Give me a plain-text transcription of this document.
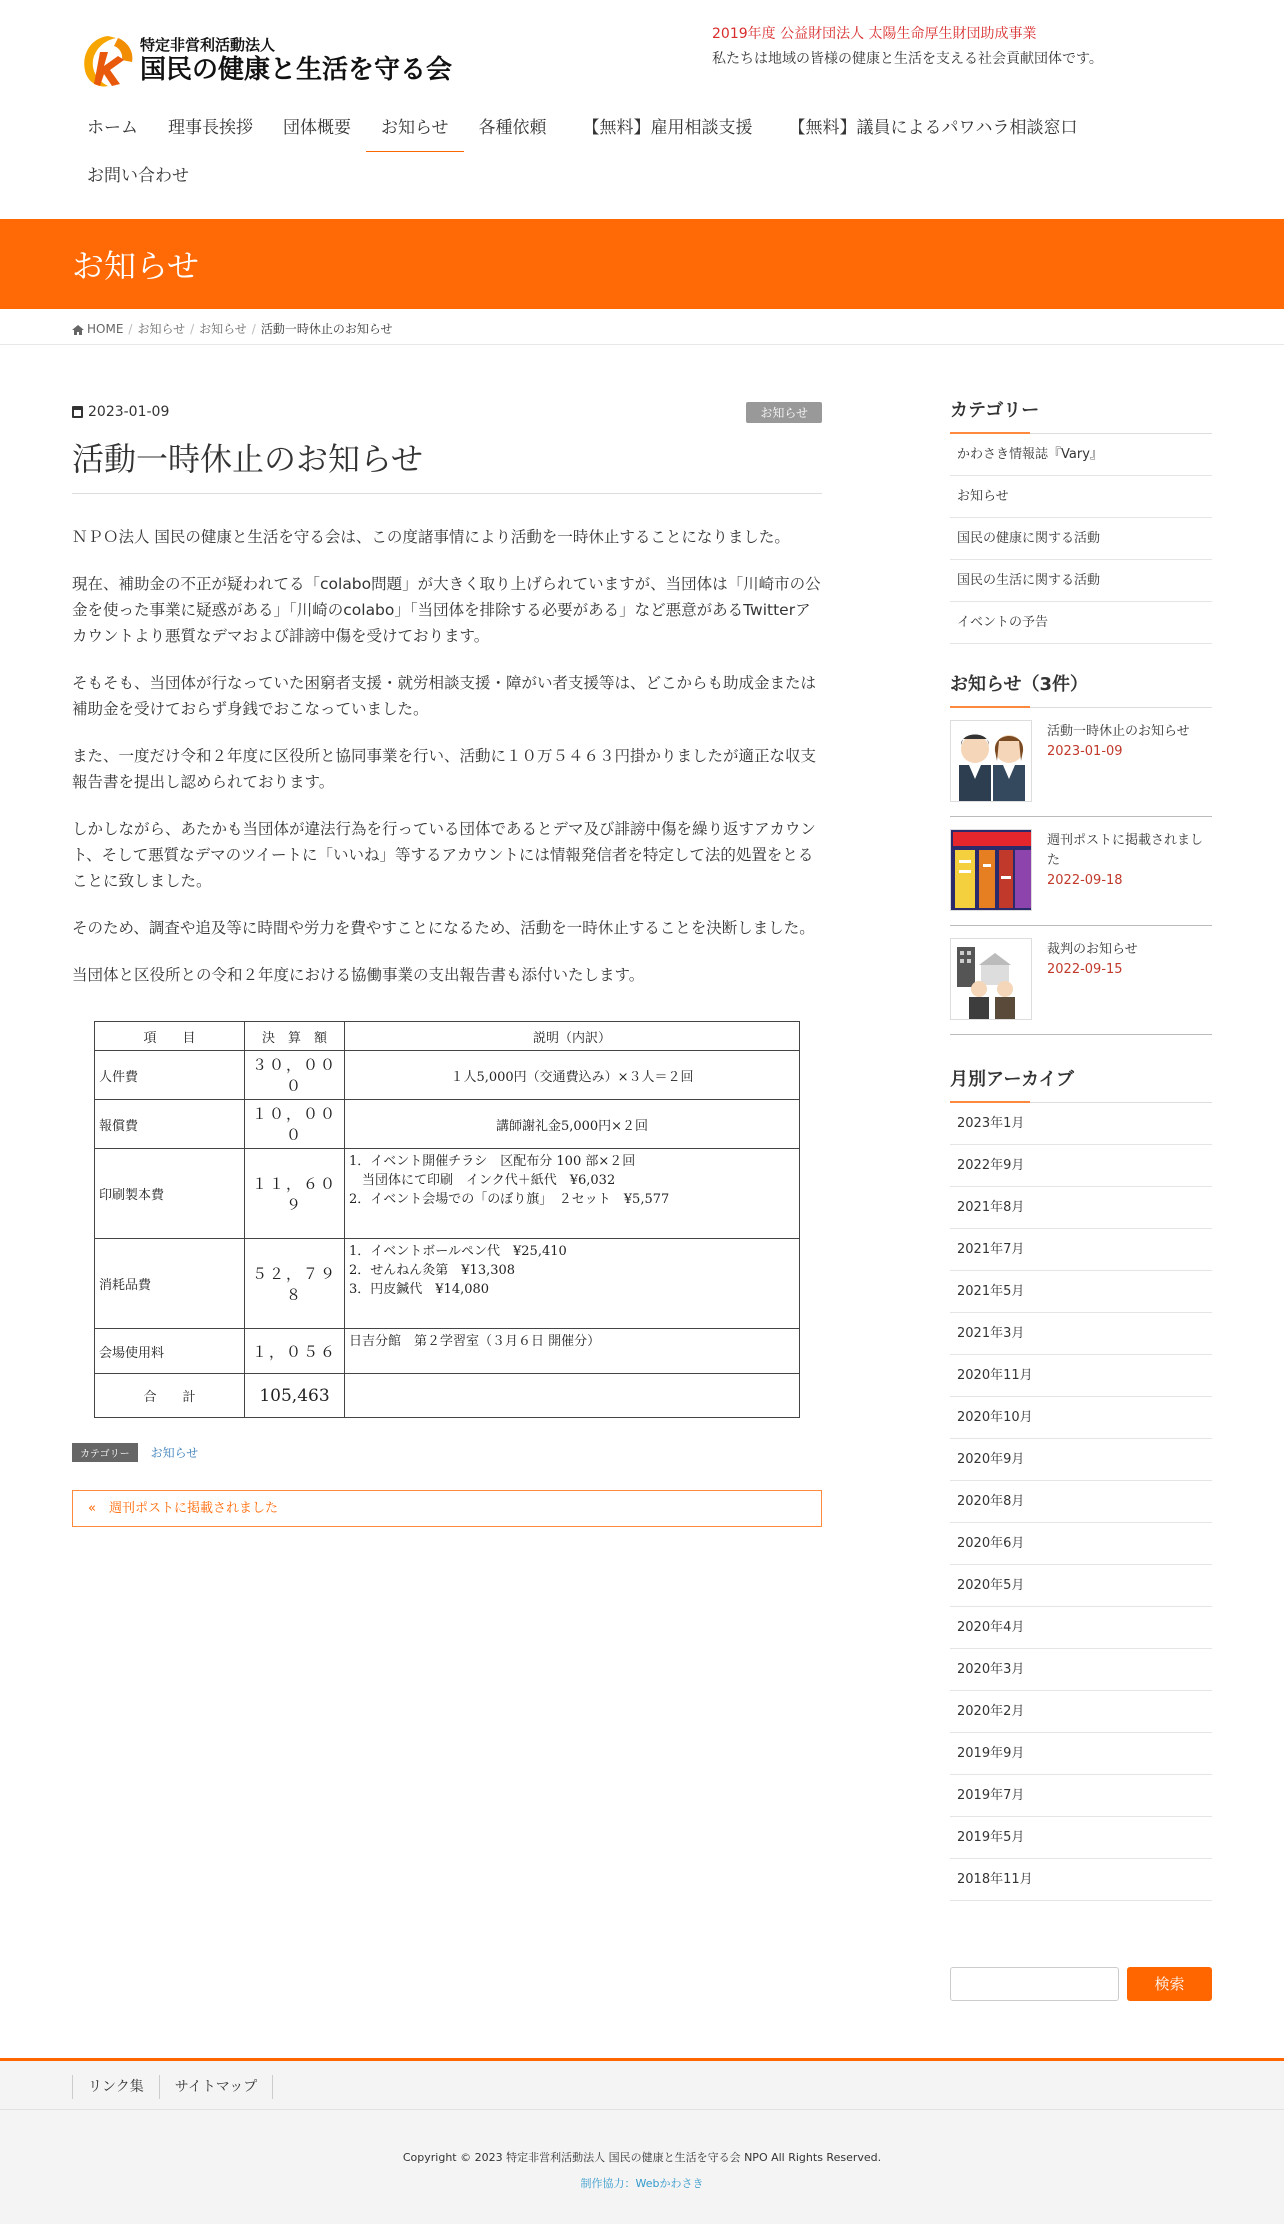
特定非営利活動法人
国民の健康と生活を守る会
2019年度 公益財団法人 太陽生命厚生財団助成事業
私たちは地域の皆様の健康と生活を支える社会貢献団体です。
ホーム	理事長挨拶	団体概要	お知らせ	各種依頼	【無料】雇用相談支援	【無料】議員によるパワハラ相談窓口
お問い合わせ
お知らせ
HOME / お知らせ / お知らせ / 活動一時休止のお知らせ
2023-01-09	お知らせ
活動一時休止のお知らせ

ＮＰＯ法人 国民の健康と生活を守る会は、この度諸事情により活動を一時休止することになりました。

現在、補助金の不正が疑われてる「colabo問題」が大きく取り上げられていますが、当団体は「川崎市の公金を使った事業に疑惑がある」「川崎のcolabo」「当団体を排除する必要がある」など悪意があるTwitterアカウントより悪質なデマおよび誹謗中傷を受けております。

そもそも、当団体が行なっていた困窮者支援・就労相談支援・障がい者支援等は、どこからも助成金または補助金を受けておらず身銭でおこなっていました。

また、一度だけ令和２年度に区役所と協同事業を行い、活動に１０万５４６３円掛かりましたが適正な収支報告書を提出し認められております。

しかしながら、あたかも当団体が違法行為を行っている団体であるとデマ及び誹謗中傷を繰り返すアカウント、そして悪質なデマのツイートに「いいね」等するアカウントには情報発信者を特定して法的処置をとることに致しました。

そのため、調査や追及等に時間や労力を費やすことになるため、活動を一時休止することを決断しました。

当団体と区役所との令和２年度における協働事業の支出報告書も添付いたします。

項　　目	決　算　額	説明（内訳）
人件費	３０，０００	１人5,000円（交通費込み）×３人＝２回
報償費	１０，０００	講師謝礼金5,000円×２回
印刷製本費	１１，６０９	1．イベント開催チラシ　区配布分 100 部×２回
　当団体にて印刷　インク代＋紙代　¥6,032
2．イベント会場での「のぼり旗」　２セット　¥5,577

消耗品費	５２，７９８	1．イベントボールペン代　¥25,410
2．せんねん灸第　¥13,308
3．円皮鍼代　¥14,080

会場使用料	１，０５６	日吉分館　第２学習室（３月６日 開催分）
合　　計	105,463	
カテゴリー	お知らせ
«　週刊ポストに掲載されました
カテゴリー
かわさき情報誌『Vary』
お知らせ
国民の健康に関する活動
国民の生活に関する活動
イベントの予告
お知らせ（3件）
活動一時休止のお知らせ
2023-01-09
週刊ポストに掲載されました
2022-09-18
裁判のお知らせ
2022-09-15
月別アーカイブ
2023年1月
2022年9月
2021年8月
2021年7月
2021年5月
2021年3月
2020年11月
2020年10月
2020年9月
2020年8月
2020年6月
2020年5月
2020年4月
2020年3月
2020年2月
2019年9月
2019年7月
2019年5月
2018年11月
検索
リンク集	サイトマップ
Copyright © 2023 特定非営利活動法人 国民の健康と生活を守る会 NPO All Rights Reserved.
制作協力：Webかわさき
